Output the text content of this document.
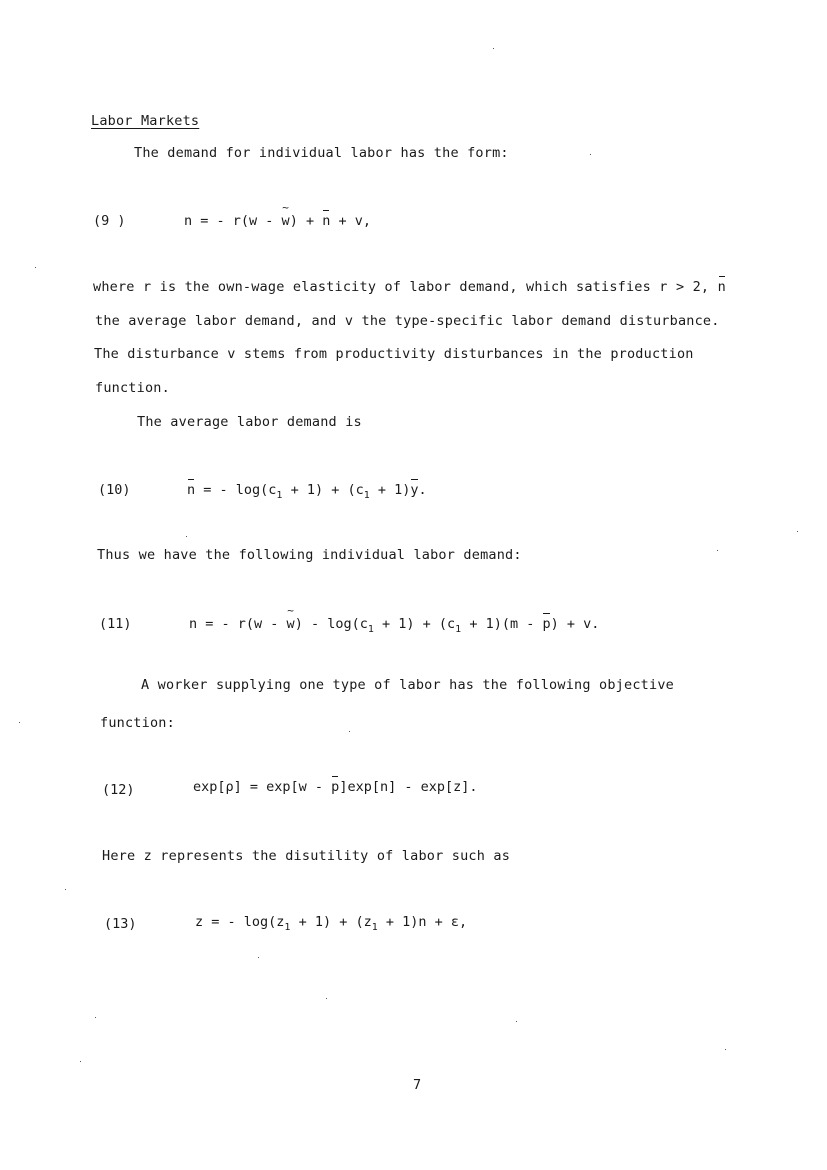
Labor Markets
The demand for individual labor has the form:
(9 )	n = - r(w - ~ w) + n + v,
where r is the own-wage elasticity of labor demand, which satisfies r > 2, n
the average labor demand, and v the type-specific labor demand disturbance.
The disturbance v stems from productivity disturbances in the production
function.
The average labor demand is
(10)	n = - $\log(c_1 + 1) + (c_1 + 1)y$.
Thus we have the following individual labor demand:
(11)	n = - r(w - ~ $w) - \log(c_1 + 1) + (c_1 + 1)(m - p) + v$.
A worker supplying one type of labor has the following objective
function:
(12)	exp[ρ] = exp[w - p]exp[n] - exp[z].
Here z represents the disutility of labor such as
(13)	z = - $\log(z_1 + 1) + (z_1 + 1)n + \varepsilon$,
7
